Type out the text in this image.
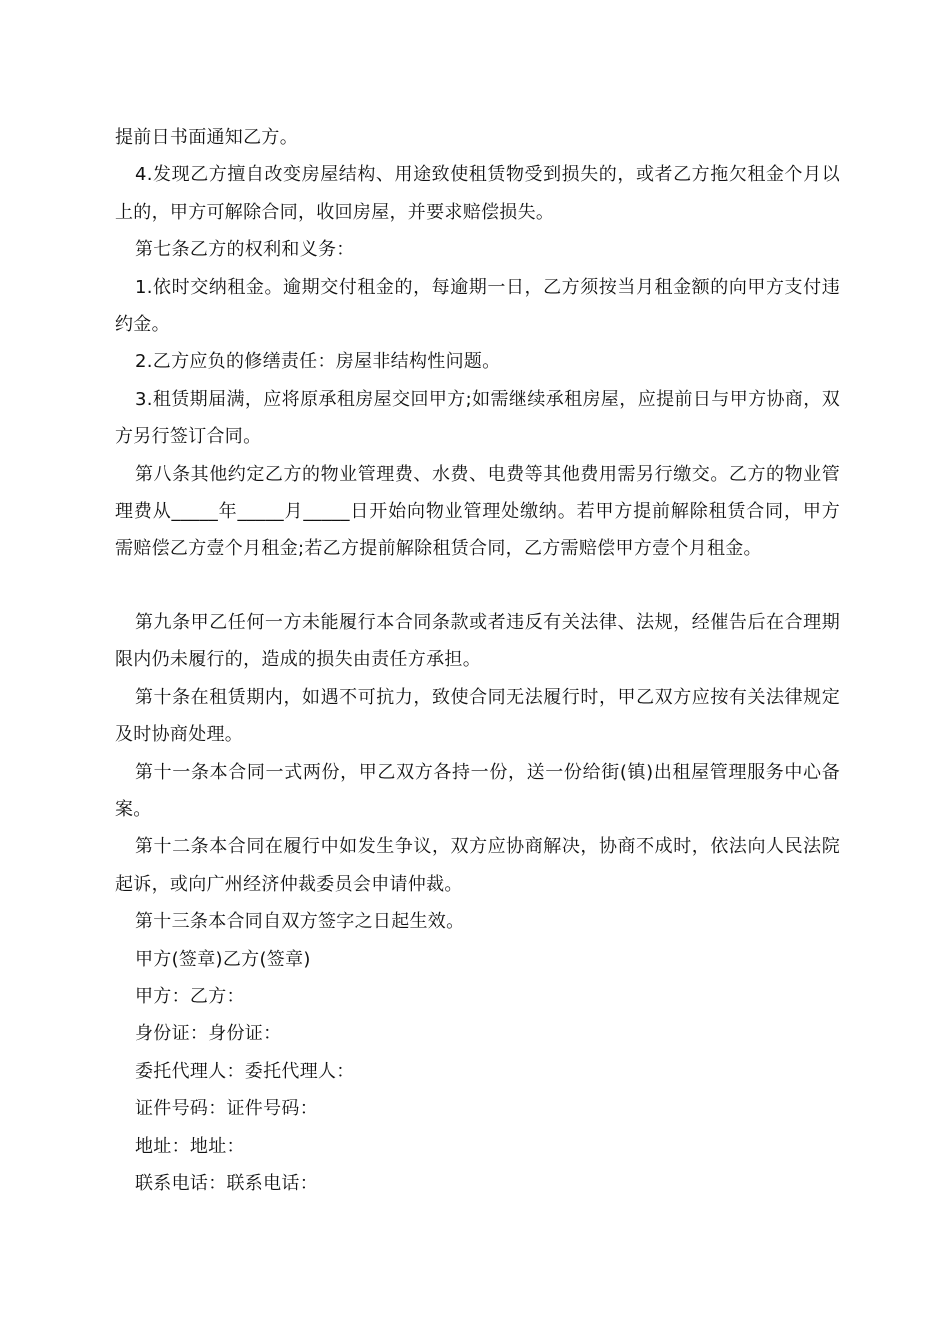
提前日书面通知乙方。

4.发现乙方擅自改变房屋结构、用途致使租赁物受到损失的，或者乙方拖欠租金个月以上的，甲方可解除合同，收回房屋，并要求赔偿损失。

第七条乙方的权利和义务：

1.依时交纳租金。逾期交付租金的，每逾期一日，乙方须按当月租金额的向甲方支付违约金。

2.乙方应负的修缮责任：房屋非结构性问题。

3.租赁期届满，应将原承租房屋交回甲方;如需继续承租房屋，应提前日与甲方协商，双方另行签订合同。

第八条其他约定乙方的物业管理费、水费、电费等其他费用需另行缴交。乙方的物业管理费从_____年_____月_____日开始向物业管理处缴纳。若甲方提前解除租赁合同，甲方需赔偿乙方壹个月租金;若乙方提前解除租赁合同，乙方需赔偿甲方壹个月租金。

第九条甲乙任何一方未能履行本合同条款或者违反有关法律、法规，经催告后在合理期限内仍未履行的，造成的损失由责任方承担。

第十条在租赁期内，如遇不可抗力，致使合同无法履行时，甲乙双方应按有关法律规定及时协商处理。

第十一条本合同一式两份，甲乙双方各持一份，送一份给街(镇)出租屋管理服务中心备案。

第十二条本合同在履行中如发生争议，双方应协商解决，协商不成时，依法向人民法院起诉，或向广州经济仲裁委员会申请仲裁。

第十三条本合同自双方签字之日起生效。

甲方(签章)乙方(签章)

甲方：乙方：

身份证：身份证：

委托代理人：委托代理人：

证件号码：证件号码：

地址：地址：

联系电话：联系电话：
